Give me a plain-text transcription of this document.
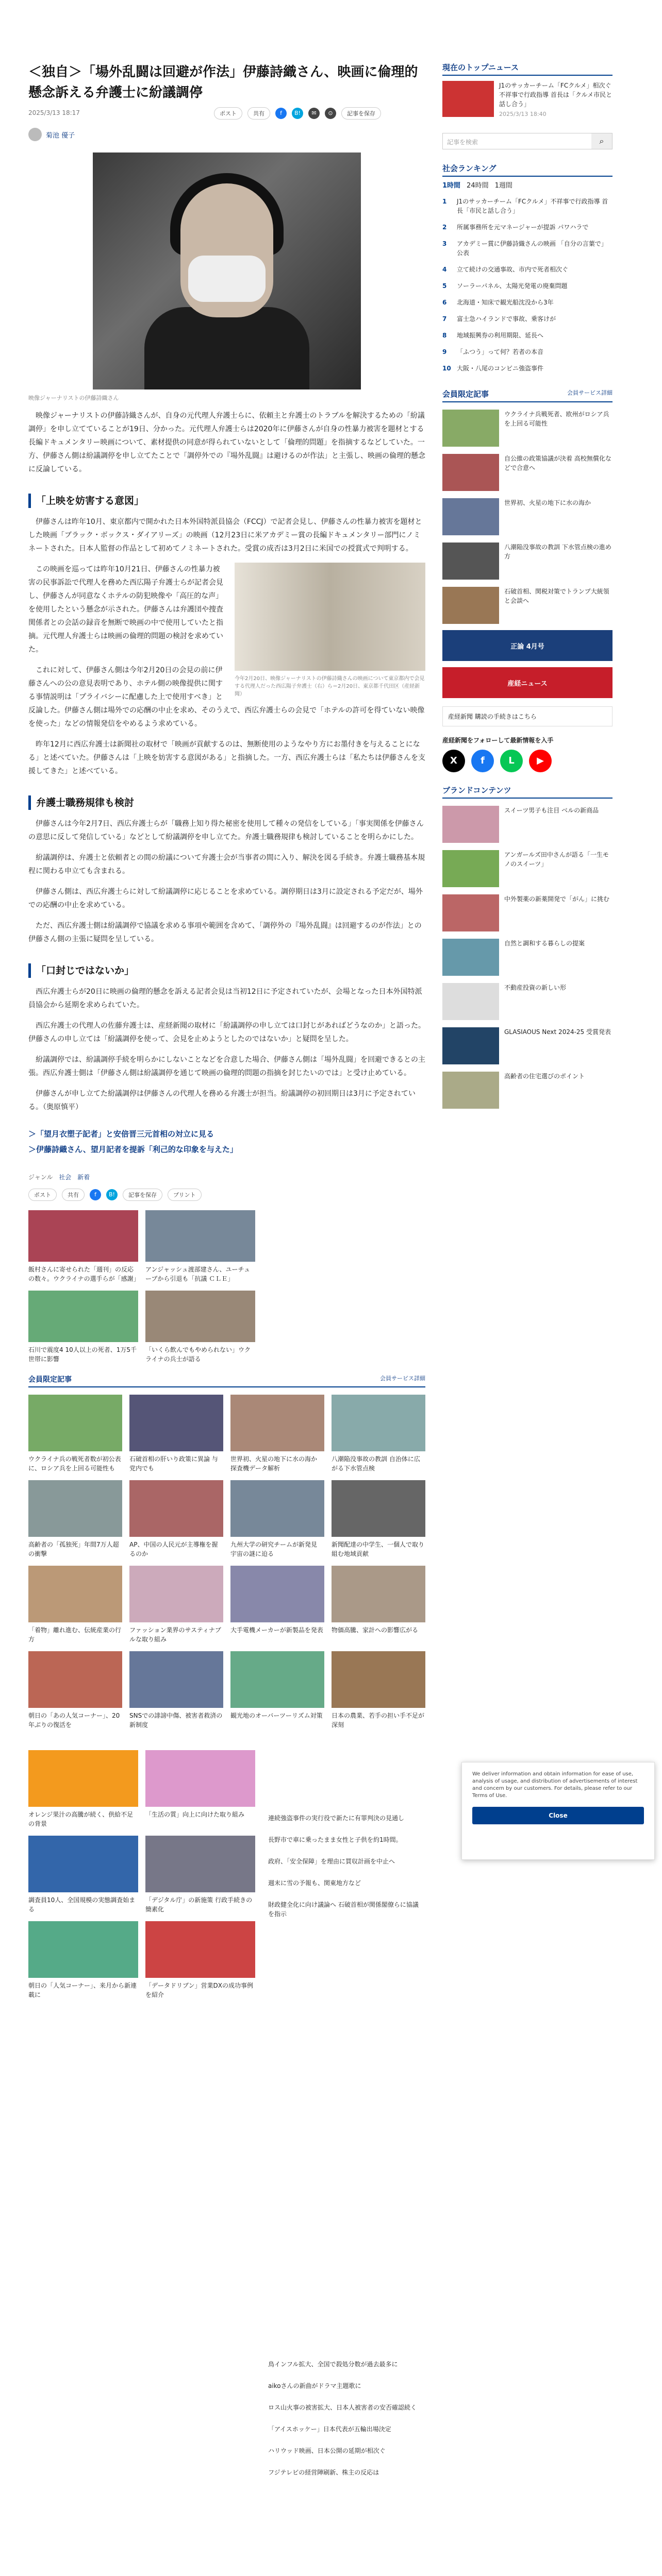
＜独自＞「場外乱闘は回避が作法」伊藤詩織さん、映画に倫理的懸念訴える弁護士に紛議調停
2025/3/13 18:17	ポスト	共有	f	B!	✉	⊙	記事を保存
菊池 優子
映像ジャーナリストの伊藤詩織さん

映像ジャーナリストの伊藤詩織さんが、自身の元代理人弁護士らに、依頼主と弁護士のトラブルを解決するための「紛議調停」を申し立てていることが19日、分かった。元代理人弁護士らは2020年に伊藤さんが自身の性暴力被害を題材とする長編ドキュメンタリー映画について、素材提供の同意が得られていないとして「倫理的問題」を指摘するなどしていた。一方、伊藤さん側は紛議調停を申し立てたことで「調停外での『場外乱闘』は避けるのが作法」と主張し、映画の倫理的懸念に反論している。

「上映を妨害する意図」

伊藤さんは昨年10月、東京都内で開かれた日本外国特派員協会（FCCJ）で記者会見し、伊藤さんの性暴力被害を題材とした映画「ブラック・ボックス・ダイアリーズ」の映画（12月23日に米アカデミー賞の長編ドキュメンタリー部門にノミネートされた。日本人監督の作品として初めてノミネートされた。受賞の成否は3月2日に米国での授賞式で判明する。

今年2月20日、映像ジャーナリストの伊藤詩織さんの映画について東京都内で会見する代理人だった西広陽子弁護士（右）ら＝2月20日、東京都千代田区（産経新聞）

この映画を巡っては昨年10月21日、伊藤さんの性暴力被害の民事訴訟で代理人を務めた西広陽子弁護士らが記者会見し、伊藤さんが同意なくホテルの防犯映像や「高圧的な声」を使用したという懸念が示された。伊藤さんは弁護団や捜査関係者との会話の録音を無断で映画の中で使用していたと指摘。元代理人弁護士らは映画の倫理的問題の検討を求めていた。

これに対して、伊藤さん側は今年2月20日の会見の前に伊藤さんへの公の意見表明であり、ホテル側の映像提供に関する事情説明は「プライバシーに配慮した上で使用すべき」と反論した。伊藤さん側は場外での応酬の中止を求め、そのうえで、西広弁護士らの会見で「ホテルの許可を得ていない映像を使った」などの情報発信をやめるよう求めている。

昨年12月に西広弁護士は新聞社の取材で「映画が貢献するのは、無断使用のようなやり方にお墨付きを与えることになる」と述べていた。伊藤さんは「上映を妨害する意図がある」と指摘した。一方、西広弁護士らは「私たちは伊藤さんを支援してきた」と述べている。

弁護士職務規律も検討

伊藤さんは今年2月7日、西広弁護士らが「職務上知り得た秘密を使用して種々の発信をしている」「事実関係を伊藤さんの意思に反して発信している」などとして紛議調停を申し立てた。弁護士職務規律も検討していることを明らかにした。

紛議調停は、弁護士と依頼者との間の紛議について弁護士会が当事者の間に入り、解決を図る手続き。弁護士職務基本規程に関わる申立ても含まれる。

伊藤さん側は、西広弁護士らに対して紛議調停に応じることを求めている。調停期日は3月に設定される予定だが、場外での応酬の中止を求めている。

ただ、西広弁護士側は紛議調停で協議を求める事項や範囲を含めて、「調停外の『場外乱闘』は回避するのが作法」との伊藤さん側の主張に疑問を呈している。

「口封じではないか」

西広弁護士らが20日に映画の倫理的懸念を訴える記者会見は当初12日に予定されていたが、会場となった日本外国特派員協会から延期を求められていた。

西広弁護士の代理人の佐藤弁護士は、産経新聞の取材に「紛議調停の申し立ては口封じがあればどうなのか」と語った。伊藤さんの申し立ては「紛議調停を使って、会見を止めようとしたのではないか」と疑問を呈した。

紛議調停では、紛議調停手続を明らかにしないことなどを合意した場合、伊藤さん側は「場外乱闘」を回避できるとの主張。西広弁護士側は「伊藤さん側は紛議調停を通じて映画の倫理的問題の指摘を封じたいのでは」と受け止めている。

伊藤さんが申し立てた紛議調停は伊藤さんの代理人を務める弁護士が担当。紛議調停の初回期日は3月に予定されている。（奥原慎平）

＞「望月衣塑子記者」と安倍晋三元首相の対立に見る
＞伊藤詩織さん、望月記者を提訴「利己的な印象を与えた」
ジャンル 社会 新着
ポスト	共有	f	B!	記事を保存	プリント
飯村さんに寄せられた「週刊」の反応の数々。ウクライナの選手らが「感謝」
アンジャッシュ渡部建さん、ユーチューブから引退も「抗議 ＣＬＥ」
石川で震度4 10人以上の死者、1万5千世帯に影響
「いくら飲んでもやめられない」ウクライナの兵士が語る
会員限定記事	会員サービス詳細
ウクライナ兵の戦死者数が初公表に、ロシア兵を上回る可能性も
石破首相の肝いり政策に異論 与党内でも
世界初、火星の地下に水の海か 探査機データ解析
八潮陥没事故の教訓 自治体に広がる下水管点検
高齢者の「孤独死」年間7万人超の衝撃
AP、中国の人民元が主導権を握るのか
九州大学の研究チームが新発見 宇宙の謎に迫る
新聞配達の中学生、一個人で取り組む地域貢献
「着物」離れ進む、伝統産業の行方
ファッション業界のサスティナブルな取り組み
大手電機メーカーが新製品を発表 物価高騰、家計への影響広がる
朝日の「あの人気コーナー」、20年ぶりの復活を
SNSでの誹謗中傷、被害者救済の新制度
観光地のオーバーツーリズム対策 日本の農業、若手の担い手不足が深刻
オレンジ果汁の高騰が続く、供給不足の背景
「生活の質」向上に向けた取り組み
調査員10人、全国規模の実態調査始まる
「デジタル庁」の新施策 行政手続きの簡素化
朝日の「人気コーナー」、来月から新連載に
「データドリブン」営業DXの成功事例を紹介
連続強盗事件の実行役で新たに有罪判決の見通し
長野市で車に乗ったまま女性と子供を約1時間。
政府、「安全保障」を理由に買収計画を中止へ
週末に雪の予報も、関東地方など
財政健全化に向け議論へ 石破首相が関係閣僚らに協議を指示
鳥インフル拡大、全国で殺処分数が過去最多に
aikoさんの新曲がドラマ主題歌に
ロス山火事の被害拡大、日本人被害者の安否確認続く
「アイスホッケー」日本代表が五輪出場決定
ハリウッド映画、日本公開の延期が相次ぐ
フジテレビの経営陣刷新、株主の反応は
現在のトップニュース
J1のサッカーチーム「FCクルメ」相次ぐ不祥事で行政指導 首長は「クルメ市民と話し合う」
2025/3/13 18:40
記事を検索	⌕
社会ランキング
1時間 24時間 1週間
1	J1のサッカーチーム「FCクルメ」不祥事で行政指導 首長「市民と話し合う」
2	所属事務所を元マネージャーが提訴 パワハラで
3	アカデミー賞に伊藤詩織さんの映画 「自分の言葉で」公表
4	立て続けの交通事故、市内で死者相次ぐ
5	ソーラーパネル、太陽光発電の廃棄問題
6	北海道・知床で観光船沈没から3年
7	富士急ハイランドで事故、乗客けが
8	地域振興券の利用期限、延長へ
9	「ふつう」って何？若者の本音
10 大阪・八尾のコンビニ強盗事件
会員限定記事	会員サービス詳細
ウクライナ兵戦死者、欧州がロシア兵を上回る可能性
自公維の政策協議が決着 高校無償化などで合意へ
世界初、火星の地下に水の海か
八潮陥没事故の教訓 下水管点検の進め方
石破首相、関税対策でトランプ大統領と会談へ
正論 4月号
産経ニュース
産経新聞 購読の手続きはこちら
産経新聞をフォローして最新情報を入手
X	f	L	▶
ブランドコンテンツ
スイーツ男子も注目 ベルの新商品
アンガールズ田中さんが語る「一生モノのスイーツ」
中外製薬の新薬開発で「がん」に挑む
自然と調和する暮らしの提案
不動産投資の新しい形
GLASIAOUS Next 2024-25 受賞発表
高齢者の住宅選びのポイント

We deliver information and obtain information for ease of use, analysis of usage, and distribution of advertisements of interest and concern by our customers. For details, please refer to our Terms of Use.

Close
